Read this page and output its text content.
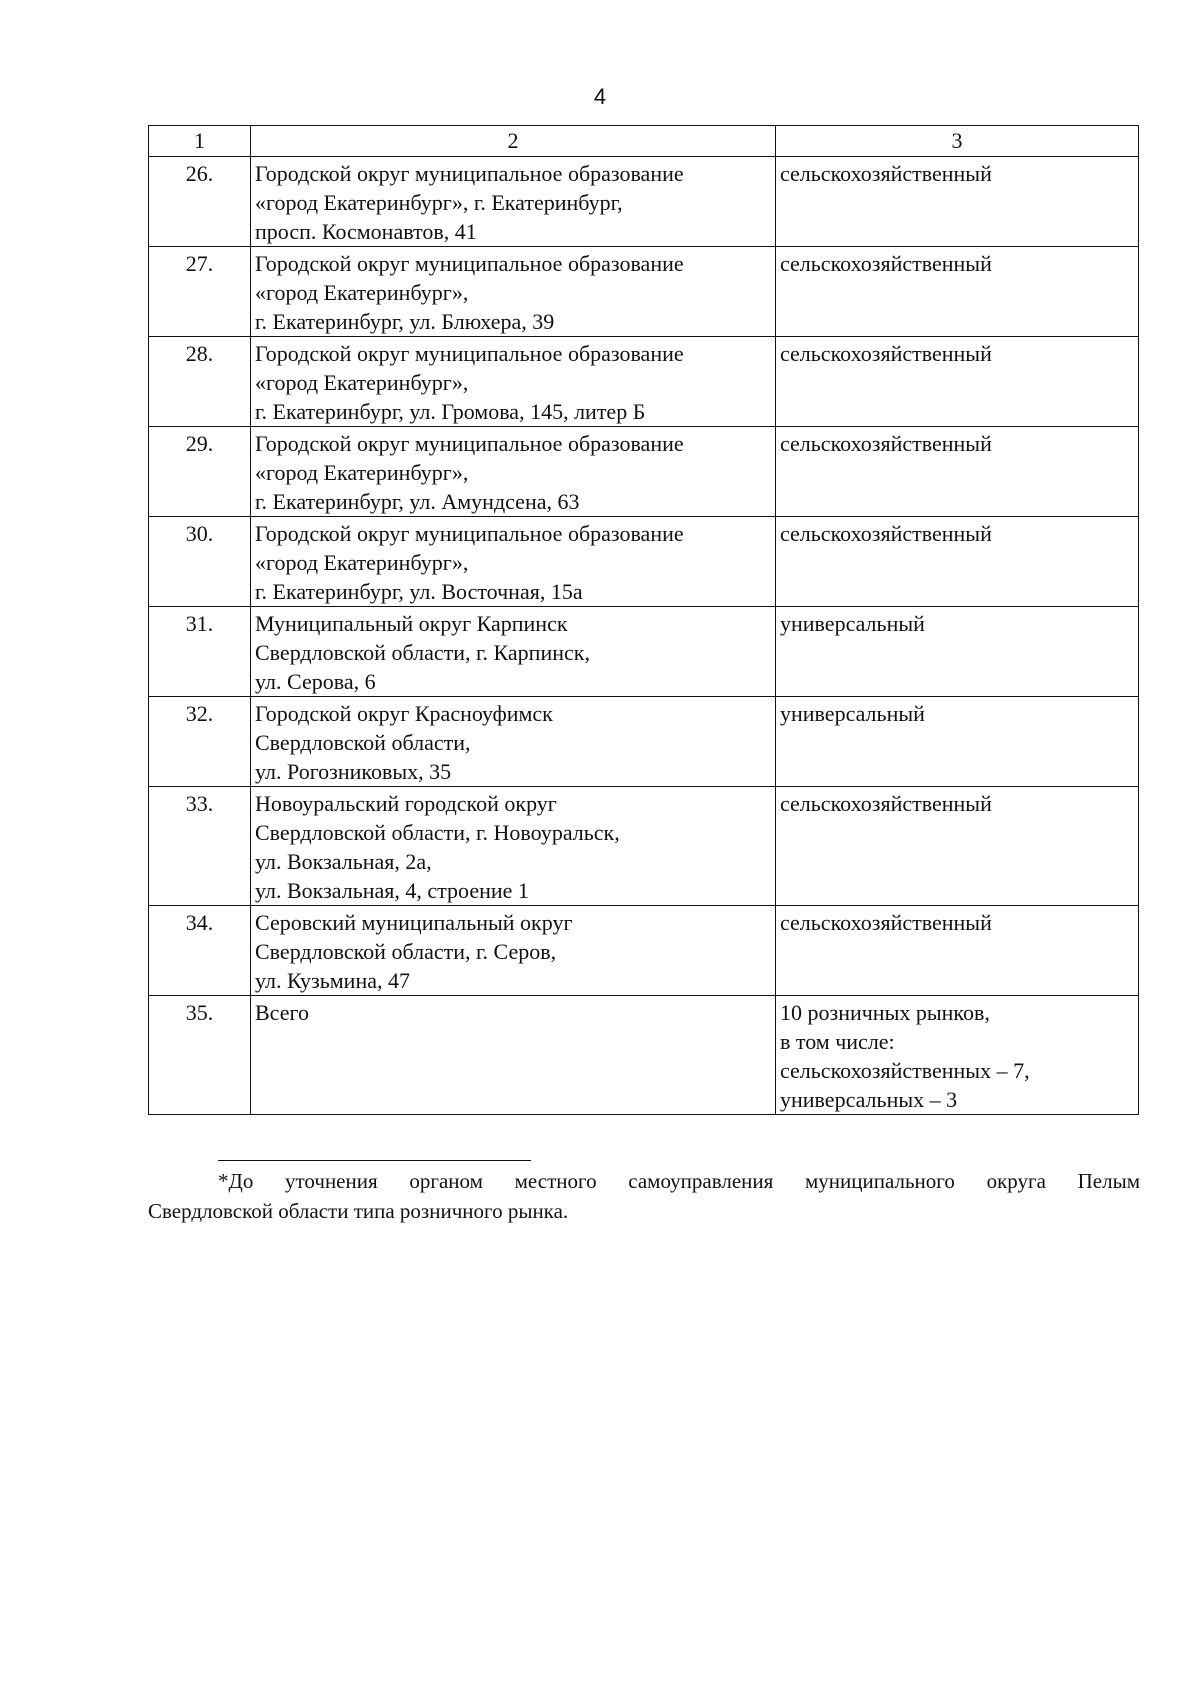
4
1	2	3
26.	Городской округ муниципальное образование
«город Екатеринбург», г. Екатеринбург,
просп. Космонавтов, 41	сельскохозяйственный

27.	Городской округ муниципальное образование
«город Екатеринбург»,
г. Екатеринбург, ул. Блюхера, 39	сельскохозяйственный

28.	Городской округ муниципальное образование
«город Екатеринбург»,
г. Екатеринбург, ул. Громова, 145, литер Б	сельскохозяйственный

29.	Городской округ муниципальное образование
«город Екатеринбург»,
г. Екатеринбург, ул. Амундсена, 63	сельскохозяйственный

30.	Городской округ муниципальное образование
«город Екатеринбург»,
г. Екатеринбург, ул. Восточная, 15а	сельскохозяйственный

31.	Муниципальный округ Карпинск
Свердловской области, г. Карпинск,
ул. Серова, 6	универсальный

32.	Городской округ Красноуфимск
Свердловской области,
ул. Рогозниковых, 35	универсальный

33.	Новоуральский городской округ
Свердловской области, г. Новоуральск,
ул. Вокзальная, 2а,
ул. Вокзальная, 4, строение 1	сельскохозяйственный

34.	Серовский муниципальный округ
Свердловской области, г. Серов,
ул. Кузьмина, 47	сельскохозяйственный

35.	Всего	10 розничных рынков,
в том числе:
сельскохозяйственных – 7,
универсальных – 3
*До уточнения органом местного самоуправления муниципального округа Пелым
Свердловской области типа розничного рынка.
